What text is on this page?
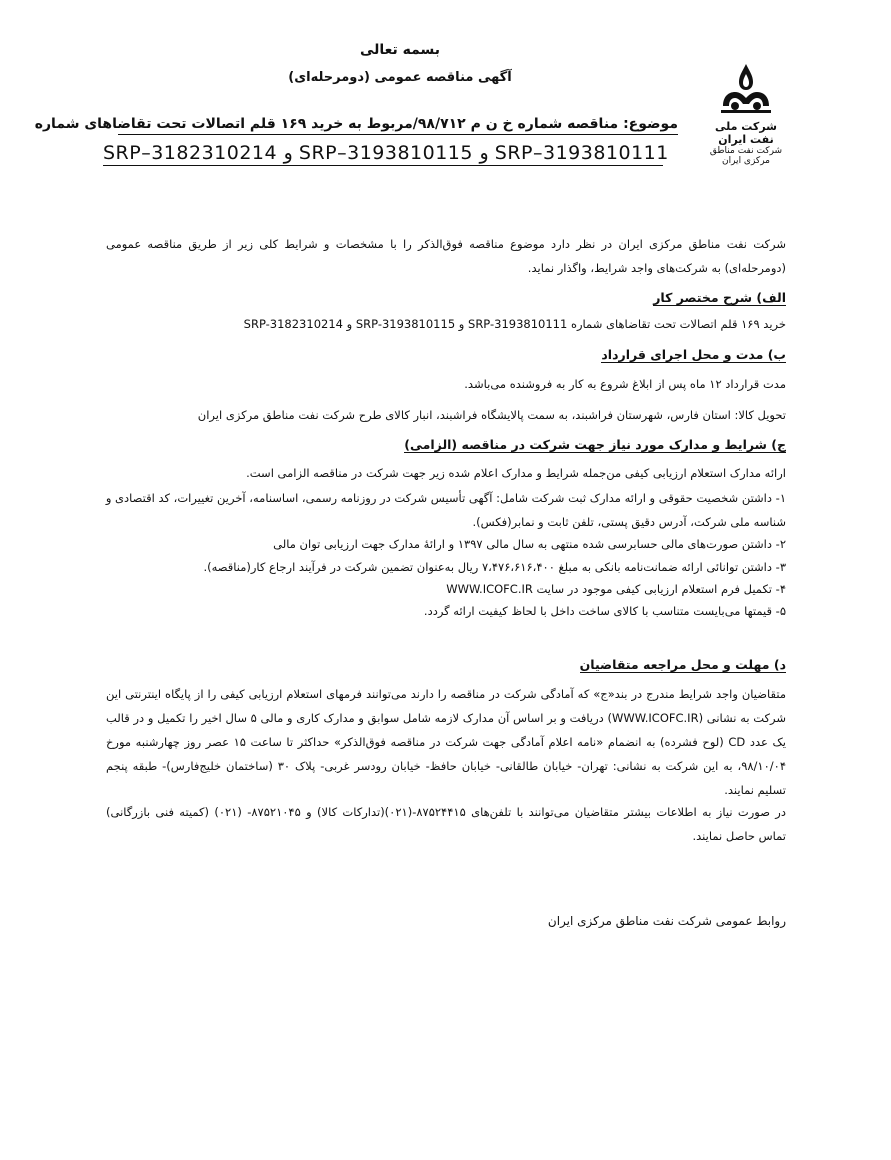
شرکت ملی نفت ایران
شرکت نفت مناطق مرکزی ایران
بسمه تعالی
آگهی مناقصه عمومی (دومرحله‌ای)
موضوع: مناقصه شماره خ ن م ۹۸/۷۱۲/مربوط به خرید ۱۶۹ قلم اتصالات تحت تقاضاهای شماره
SRP–3182310214 و SRP–3193810115 و SRP–3193810111
شرکت نفت مناطق مرکزی ایران در نظر دارد موضوع مناقصه فوق‌الذکر را با مشخصات و شرایط کلی زیر از طریق مناقصه عمومی (دومرحله‌ای) به شرکت‌های واجد شرایط، واگذار نماید.
الف) شرح مختصر کار
خرید ۱۶۹ قلم اتصالات تحت تقاضاهای شماره SRP-3193810111 و SRP-3193810115 و SRP-3182310214
ب) مدت و محل اجرای قرارداد
مدت قرارداد ۱۲ ماه پس از ابلاغ شروع به کار به فروشنده می‌باشد.
تحویل کالا: استان فارس، شهرستان فراشبند، به سمت پالایشگاه فراشبند، انبار کالای طرح شرکت نفت مناطق مرکزی ایران
ج) شرایط و مدارک مورد نیاز جهت شرکت در مناقصه (الزامی)
ارائه مدارک استعلام ارزیابی کیفی من‌جمله شرایط و مدارک اعلام شده زیر جهت شرکت در مناقصه الزامی است.
۱- داشتن شخصیت حقوقی و ارائه مدارک ثبت شرکت شامل: آگهی تأسیس شرکت در روزنامه رسمی، اساسنامه، آخرین تغییرات، کد اقتصادی و شناسه ملی شرکت، آدرس دقیق پستی، تلفن ثابت و نمابر(فکس).
۲- داشتن صورت‌های مالی حسابرسی شده منتهی به سال مالی ۱۳۹۷ و ارائهٔ مدارک جهت ارزیابی توان مالی
۳- داشتن توانائی ارائه ضمانت‌نامه بانکی به مبلغ ۷،۴۷۶،۶۱۶،۴۰۰ ریال به‌عنوان تضمین شرکت در فرآیند ارجاع کار(مناقصه).
۴- تکمیل فرم استعلام ارزیابی کیفی موجود در سایت WWW.ICOFC.IR
۵- قیمتها می‌بایست متناسب با کالای ساخت داخل با لحاظ کیفیت ارائه گردد.
د) مهلت و محل مراجعه متقاضیان
متقاضیان واجد شرایط مندرج در بند«ج» که آمادگی شرکت در مناقصه را دارند می‌توانند فرمهای استعلام ارزیابی کیفی را از پایگاه اینترنتی این شرکت به نشانی (WWW.ICOFC.IR) دریافت و بر اساس آن مدارک لازمه شامل سوابق و مدارک کاری و مالی ۵ سال اخیر را تکمیل و در قالب یک عدد CD (لوح فشرده) به انضمام «نامه اعلام آمادگی جهت شرکت در مناقصه فوق‌الذکر» حداکثر تا ساعت ۱۵ عصر روز چهارشنبه مورخ ۹۸/۱۰/۰۴، به این شرکت به نشانی: تهران- خیابان طالقانی- خیابان حافظ- خیابان رودسر غربی- پلاک ۳۰ (ساختمان خلیج‌فارس)- طبقه پنجم تسلیم نمایند.
در صورت نیاز به اطلاعات بیشتر متقاضیان می‌توانند با تلفن‌های ۸۷۵۲۴۴۱۵-(۰۲۱)(تدارکات کالا) و ۸۷۵۲۱۰۴۵- (۰۲۱) (کمیته فنی بازرگانی) تماس حاصل نمایند.
روابط عمومی شرکت نفت مناطق مرکزی ایران
